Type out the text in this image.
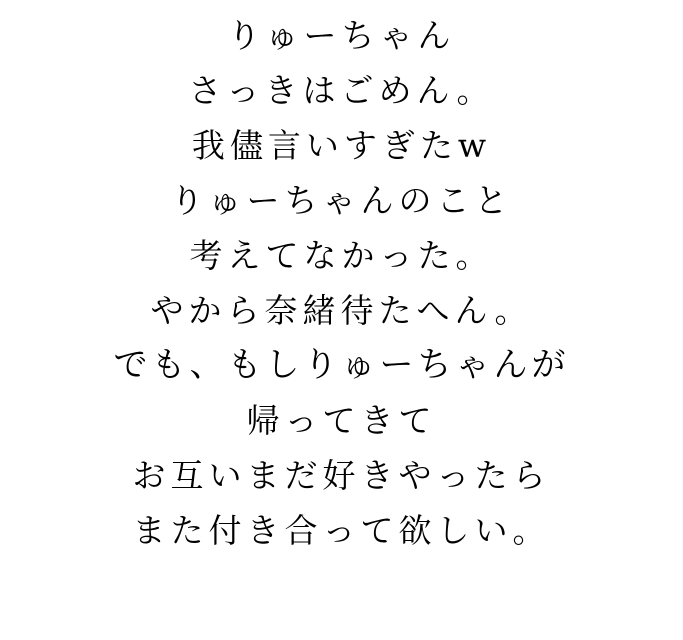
りゅーちゃん
さっきはごめん。
我儘言いすぎたw
りゅーちゃんのこと
考えてなかった。
やから奈緒待たへん。
でも、もしりゅーちゃんが
帰ってきて
お互いまだ好きやったら
また付き合って欲しい。
